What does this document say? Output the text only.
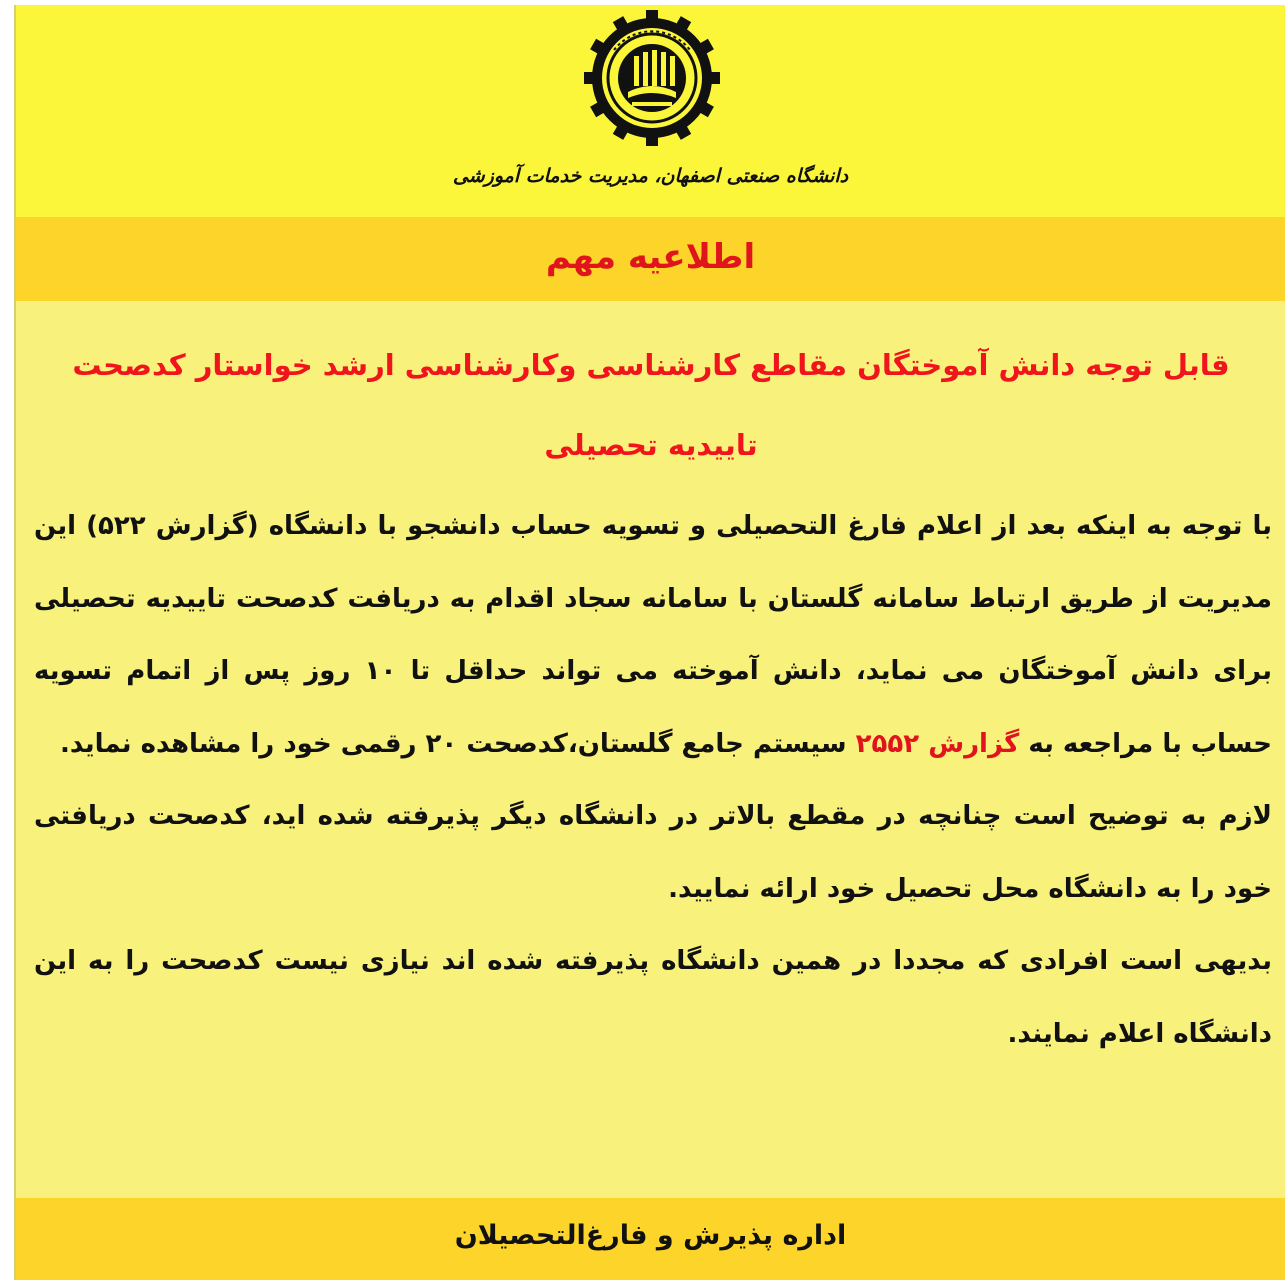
دانشگاه صنعتی اصفهان، مدیریت خدمات آموزشی
اطلاعیه مهم
قابل توجه دانش آموختگان مقاطع کارشناسی وکارشناسی ارشد خواستار کدصحت تاییدیه تحصیلی

با توجه به اینکه بعد از اعلام فارغ التحصیلی و تسویه حساب دانشجو با دانشگاه (گزارش ۵۲۲) این مدیریت از طریق ارتباط سامانه گلستان با سامانه سجاد اقدام به دریافت کدصحت تاییدیه تحصیلی برای دانش آموختگان می نماید، دانش آموخته می تواند حداقل تا ۱۰ روز پس از اتمام تسویه حساب با مراجعه به گزارش ۲۵۵۲ سیستم جامع گلستان،کدصحت ۲۰ رقمی خود را مشاهده نماید.

لازم به توضیح است چنانچه در مقطع بالاتر در دانشگاه دیگر پذیرفته شده اید، کدصحت دریافتی خود را به دانشگاه محل تحصیل خود ارائه نمایید.

بدیهی است افرادی که مجددا در همین دانشگاه پذیرفته شده اند نیازی نیست کدصحت را به این دانشگاه اعلام نمایند.

اداره پذیرش و فارغ‌التحصیلان
